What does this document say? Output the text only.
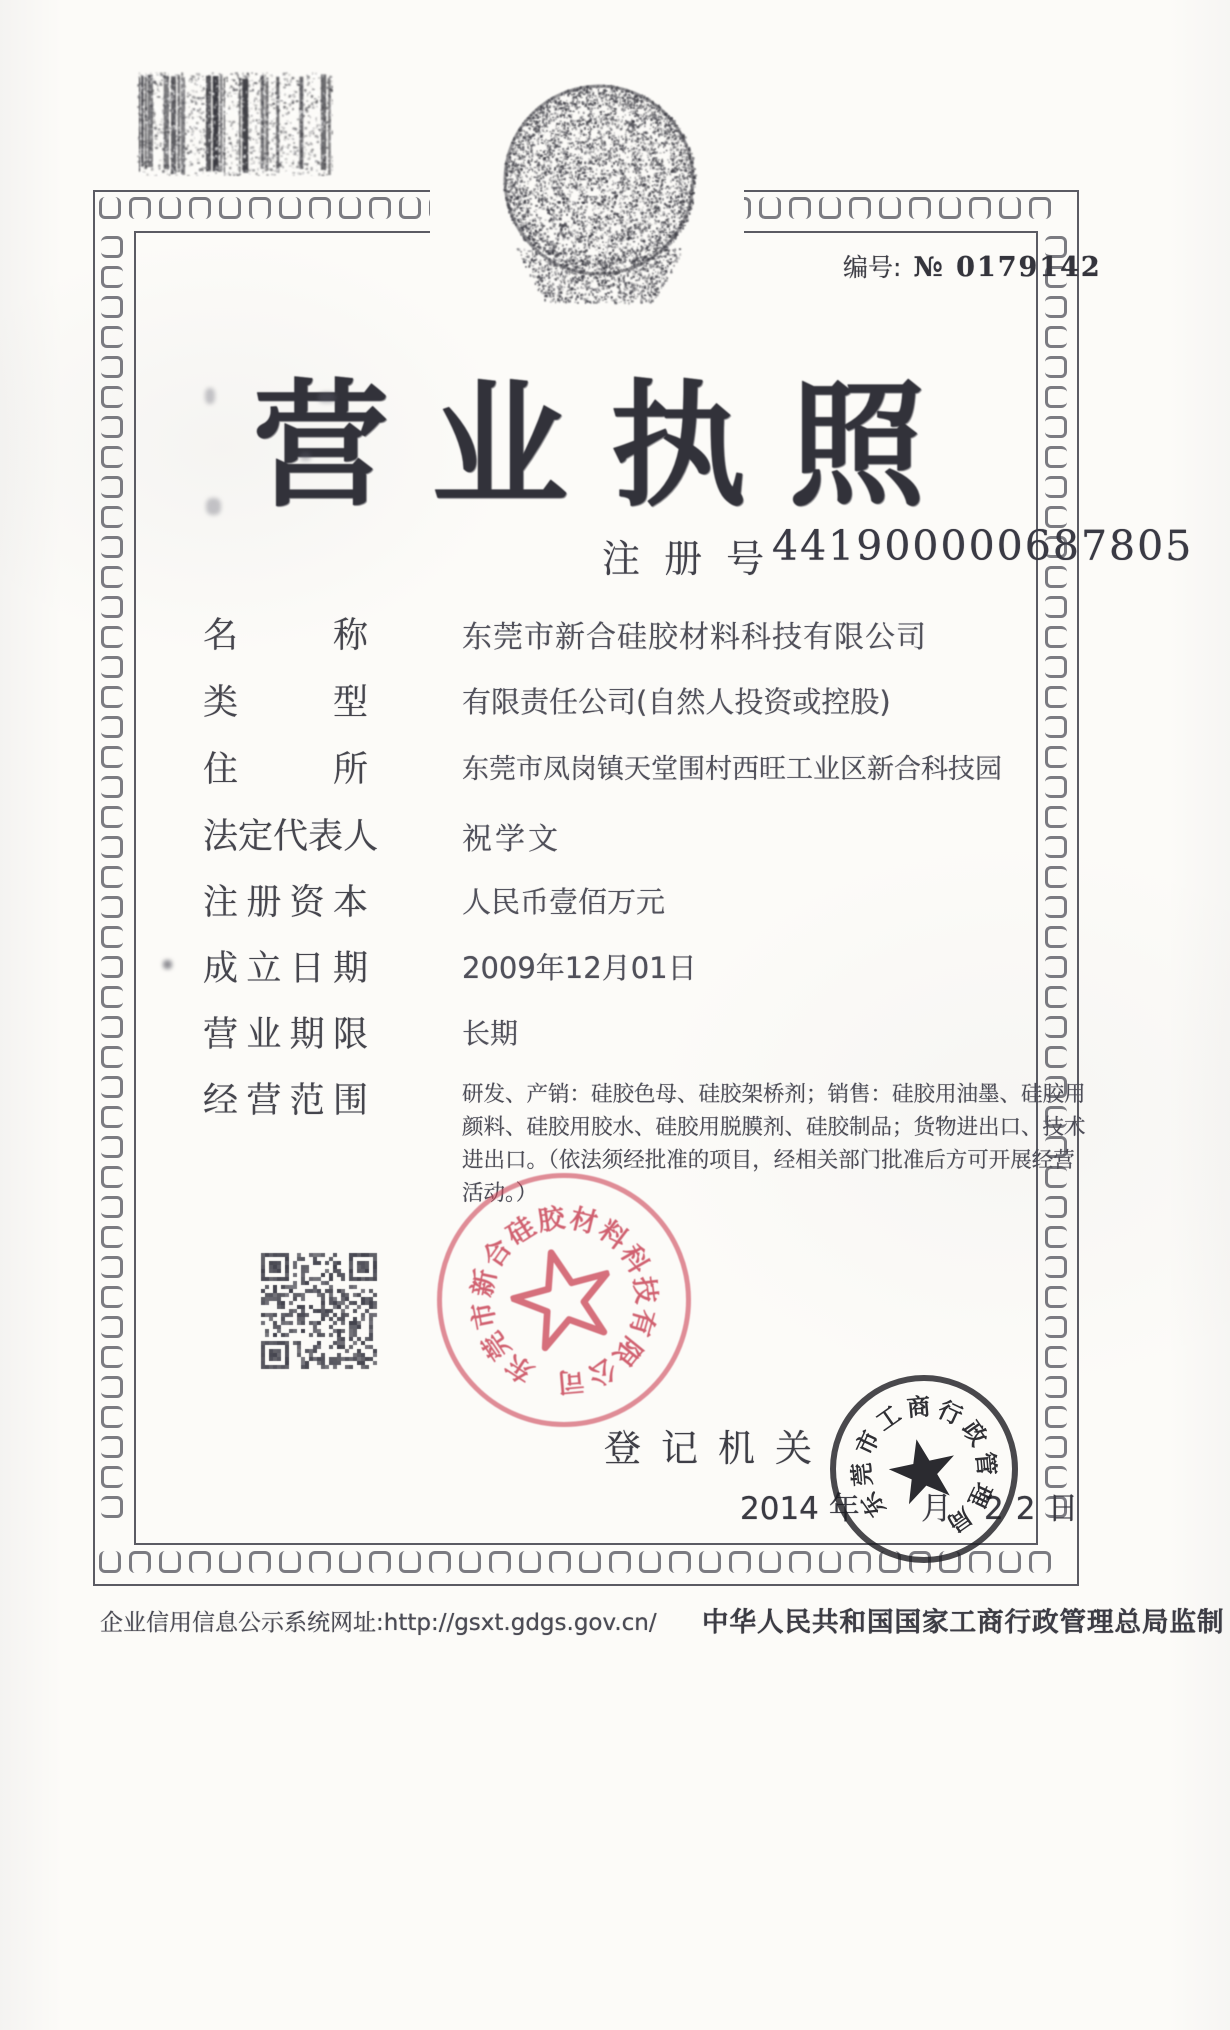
编号: № 0179142
营 业 执 照
注 册 号 441900000687805
名	称	东莞市新合硅胶材料科技有限公司
类	型	有限责任公司(自然人投资或控股)
住	所	东莞市凤岗镇天堂围村西旺工业区新合科技园
法 定 代 表 人	祝学文
注 册 资 本	人民币壹佰万元
成 立 日 期	2009年12月01日
营 业 期 限	长期
经 营 范 围	研发、产销：硅胶色母、硅胶架桥剂；销售：硅胶用油墨、硅胶用
颜料、硅胶用胶水、硅胶用脱膜剂、硅胶制品；货物进出口、技术
进出口。（依法须经批准的项目，经相关部门批准后方可开展经营
活动。）
东
莞
市
新
合
硅
胶 材
料
科
技
有
限
公
司
登记机关
2014 年 月 22日
东
莞
市
工 商 行
政
管
理
局
企业信用信息公示系统网址:http://gsxt.gdgs.gov.cn/ 中华人民共和国国家工商行政管理总局监制
